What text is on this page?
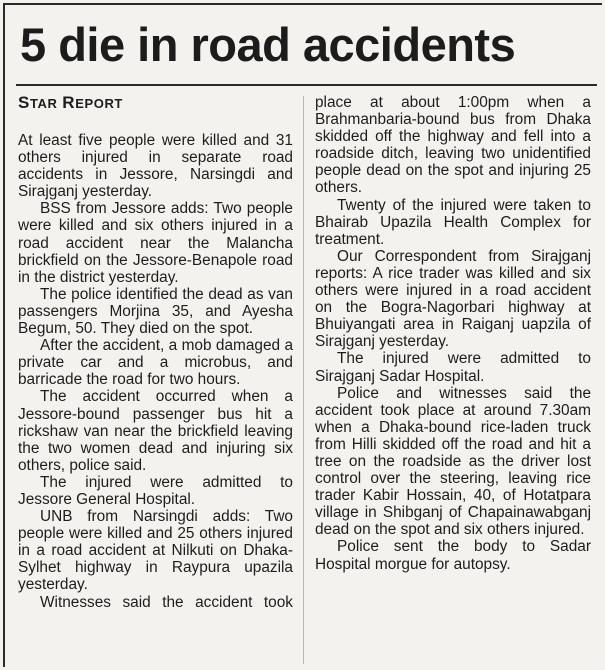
5 die in road accidents
STAR REPORT
At least five people were killed and 31 others injured in separate road accidents in Jessore, Narsingdi and Sirajganj yesterday.
BSS from Jessore adds: Two people were killed and six others injured in a road accident near the Malancha brickfield on the Jessore-Benapole road in the district yesterday.
The police identified the dead as van passengers Morjina 35, and Ayesha Begum, 50. They died on the spot.
After the accident, a mob damaged a private car and a microbus, and barricade the road for two hours.
The accident occurred when a Jessore-bound passenger bus hit a rickshaw van near the brickfield leaving the two women dead and injuring six others, police said.
The injured were admitted to Jessore General Hospital.
UNB from Narsingdi adds: Two people were killed and 25 others injured in a road accident at Nilkuti on Dhaka-Sylhet highway in Raypura upazila yesterday.
Witnesses said the accident took
place at about 1:00pm when a Brahmanbaria-bound bus from Dhaka skidded off the highway and fell into a roadside ditch, leaving two unidentified people dead on the spot and injuring 25 others.
Twenty of the injured were taken to Bhairab Upazila Health Complex for treatment.
Our Correspondent from Sirajganj reports: A rice trader was killed and six others were injured in a road accident on the Bogra-Nagorbari highway at Bhuiyangati area in Raiganj uapzila of Sirajganj yesterday.
The injured were admitted to Sirajganj Sadar Hospital.
Police and witnesses said the accident took place at around 7.30am when a Dhaka-bound rice-laden truck from Hilli skidded off the road and hit a tree on the roadside as the driver lost control over the steering, leaving rice trader Kabir Hossain, 40, of Hotatpara village in Shibganj of Chapainawabganj dead on the spot and six others injured.
Police sent the body to Sadar Hospital morgue for autopsy.
